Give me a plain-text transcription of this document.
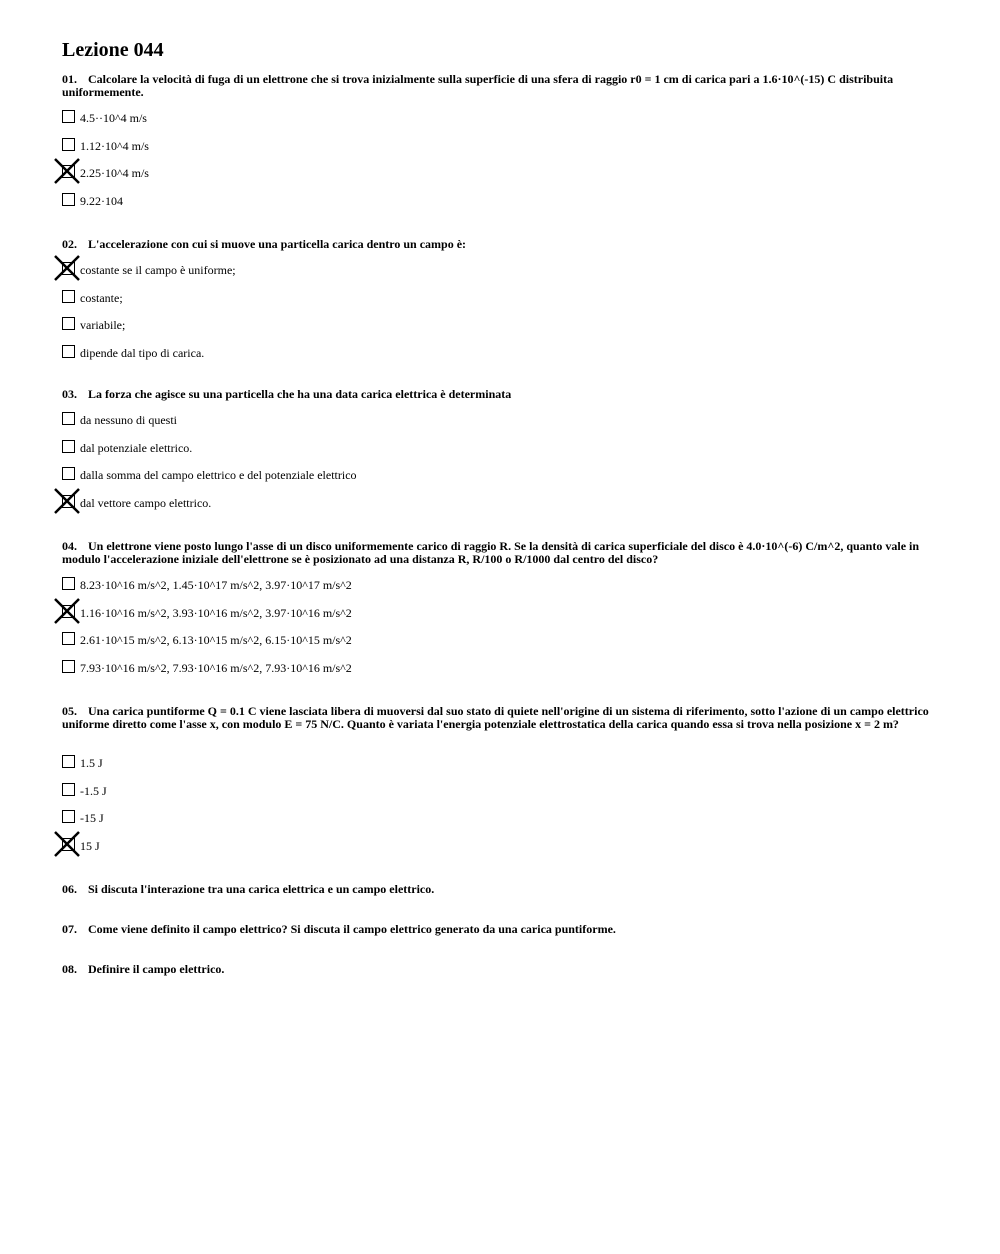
Lezione 044

01. Calcolare la velocità di fuga di un elettrone che si trova inizialmente sulla superficie di una sfera di raggio r0 = 1 cm di carica pari a 1.6·10^(-15) C distribuita uniformemente.

4.5··10^4 m/s
1.12·10^4 m/s
2.25·10^4 m/s
9.22·104

02. L'accelerazione con cui si muove una particella carica dentro un campo è:

costante se il campo è uniforme;
costante;
variabile;
dipende dal tipo di carica.

03. La forza che agisce su una particella che ha una data carica elettrica è determinata

da nessuno di questi
dal potenziale elettrico.
dalla somma del campo elettrico e del potenziale elettrico
dal vettore campo elettrico.

04. Un elettrone viene posto lungo l'asse di un disco uniformemente carico di raggio R. Se la densità di carica superficiale del disco è 4.0·10^(-6) C/m^2, quanto vale in modulo l'accelerazione iniziale dell'elettrone se è posizionato ad una distanza R, R/100 o R/1000 dal centro del disco?

8.23·10^16 m/s^2, 1.45·10^17 m/s^2, 3.97·10^17 m/s^2
1.16·10^16 m/s^2, 3.93·10^16 m/s^2, 3.97·10^16 m/s^2
2.61·10^15 m/s^2, 6.13·10^15 m/s^2, 6.15·10^15 m/s^2
7.93·10^16 m/s^2, 7.93·10^16 m/s^2, 7.93·10^16 m/s^2

05. Una carica puntiforme Q = 0.1 C viene lasciata libera di muoversi dal suo stato di quiete nell'origine di un sistema di riferimento, sotto l'azione di un campo elettrico uniforme diretto come l'asse x, con modulo E = 75 N/C. Quanto è variata l'energia potenziale elettrostatica della carica quando essa si trova nella posizione x = 2 m?

1.5 J
-1.5 J
-15 J
15 J

06. Si discuta l'interazione tra una carica elettrica e un campo elettrico.

07. Come viene definito il campo elettrico? Si discuta il campo elettrico generato da una carica puntiforme.

08. Definire il campo elettrico.
